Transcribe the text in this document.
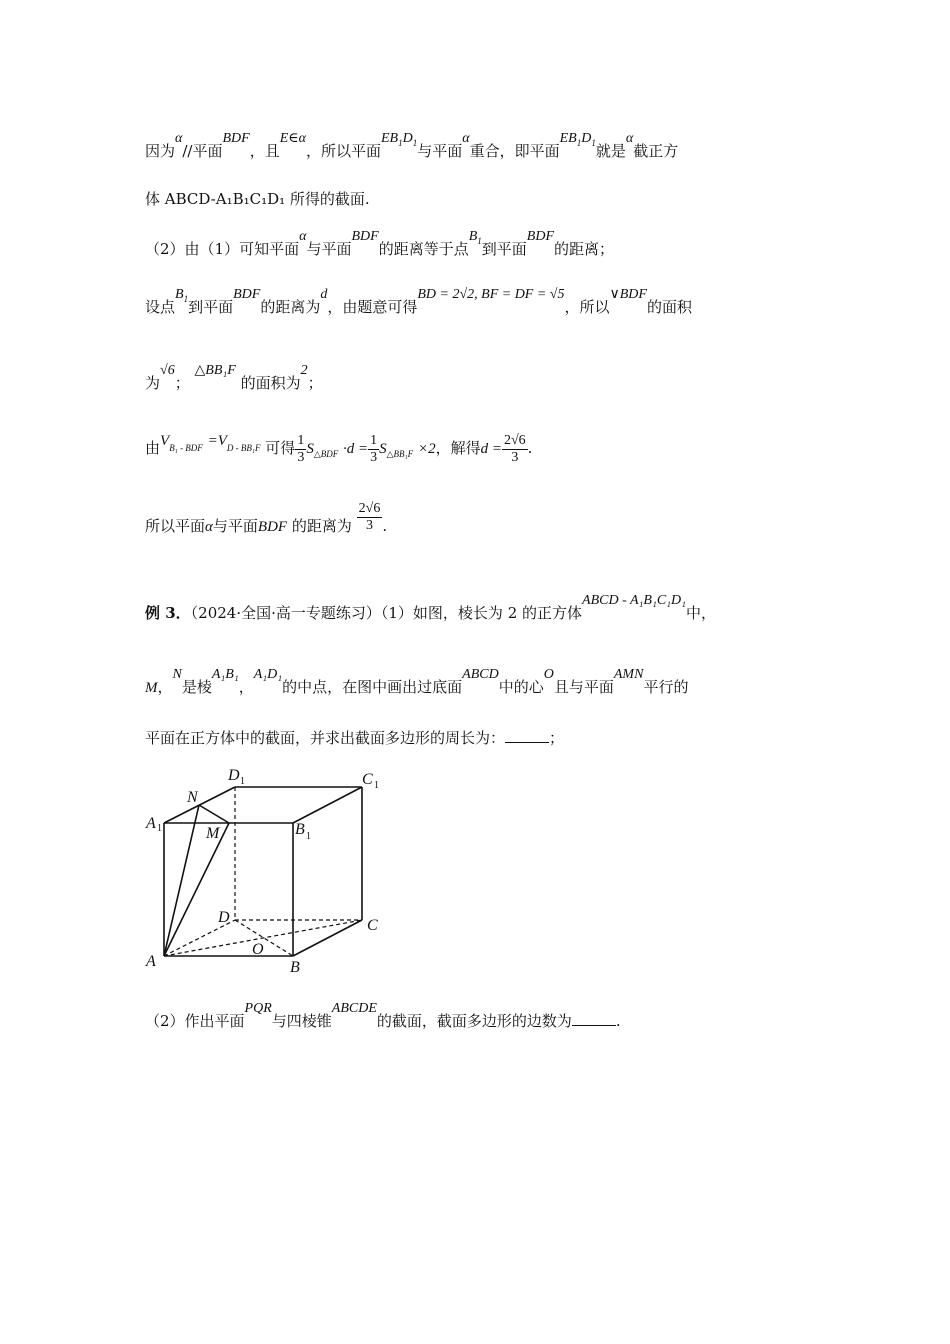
因为α//平面BDF，且E∈α，所以平面$EB_1D_1$与平面α重合，即平面$EB_1D_1$就是α截正方
体 ABCD-A₁B₁C₁D₁ 所得的截面.
（2）由（1）可知平面α与平面BDF的距离等于点$B_1$到平面BDF的距离；
设点$B_1$到平面BDF的距离为d，由题意可得BD = 2√2, BF = DF = √5，所以∨BDF的面积
为√6； △BB₁F 的面积为2；
由$V_{B_1 - BDF} =V_{D - BB_1F}$ 可得 $\frac{1}{3} S_{\triangle BDF} \cdot d = \frac{1}{3} S_{\triangle BB_1F} \times 2$，解得$d = \frac{2√6}{3}$ .
所以平面α与平面BDF 的距离为 $\frac{2√6}{3}$ .
例 3．（2024·全国·高一专题练习）（1）如图，棱长为 2 的正方体ABCD - A₁B₁C₁D₁中，
M，N是棱A₁B₁，A₁D₁的中点，在图中画出过底面ABCD中的心O且与平面AMN平行的
平面在正方体中的截面，并求出截面多边形的周长为：	；
A	B
C
D
O
A 1	B 1
C 1
D 1
N
M
（2）作出平面PQR与四棱锥ABCDE的截面，截面多边形的边数为	.
